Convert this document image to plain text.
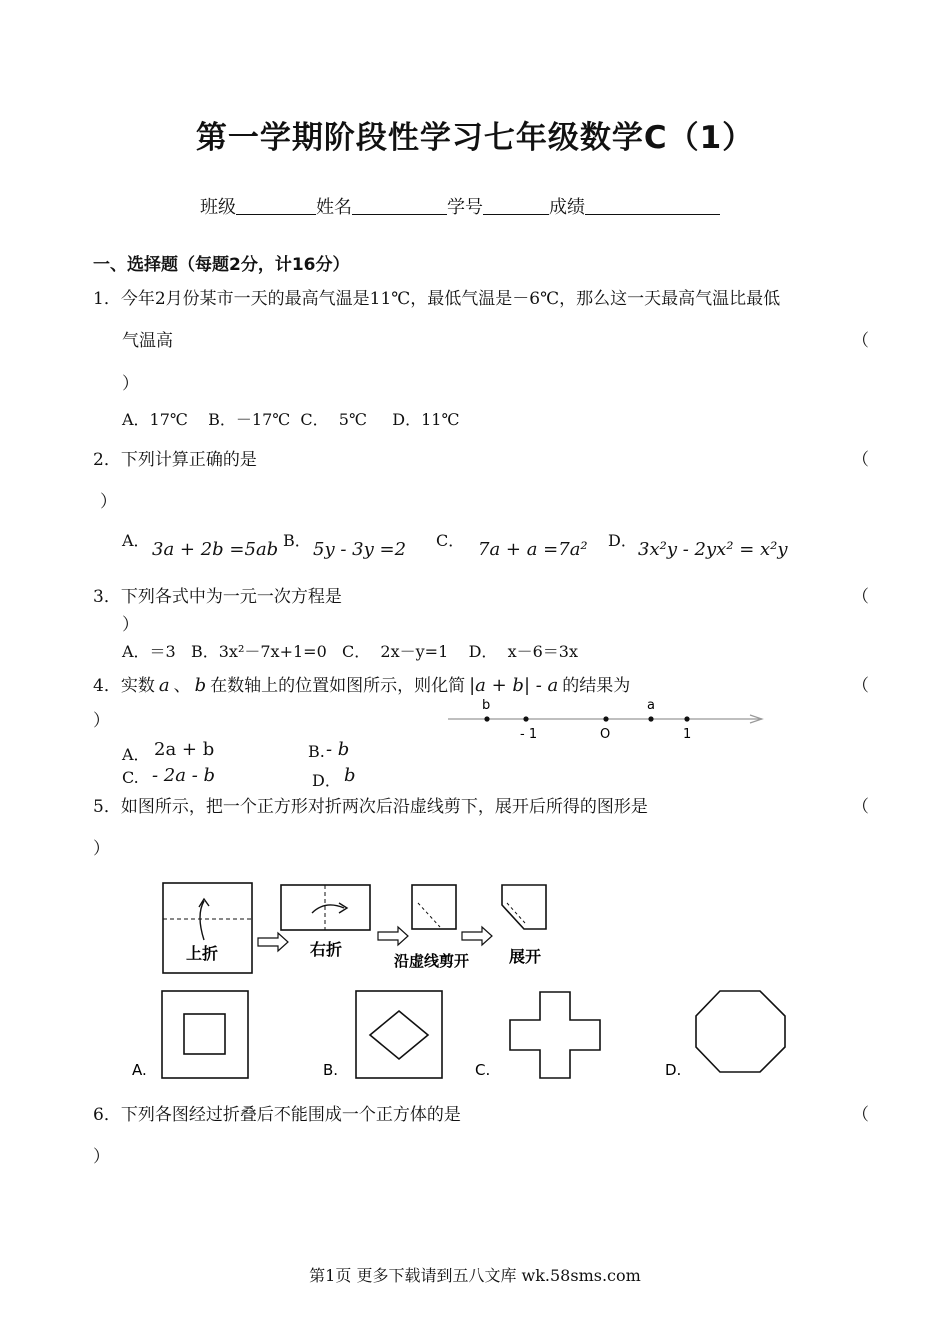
第一学期阶段性学习七年级数学C（1）
班级	姓名	学号	成绩
一、选择题（每题2分，计16分）
1．今年2月份某市一天的最高气温是11℃，最低气温是－6℃，那么这一天最高气温比最低
气温高	（
）
A．17℃    B．－17℃  C．  5℃     D．11℃
2．下列计算正确的是	（
）
A． 3a + 2b =5ab B． 5y - 3y =2 C． 7a + a =7a² D． 3x²y - 2yx² = x²y
3．下列各式中为一元一次方程是	（
）
A．＝3   B．3x²－7x+1=0   C．  2x－y=1    D．  x－6＝3x
4．实数 a 、 b 在数轴上的位置如图所示，则化简 |a + b| - a 的结果为	（
）
b	a
- 1	O	1
A． 2a + b	B. - b
C. - 2a - b	D． b
5．如图所示，把一个正方形对折两次后沿虚线剪下，展开后所得的图形是	（
）
上折	右折
沿虚线剪开 展开
A.	B.	C.	D.
6．下列各图经过折叠后不能围成一个正方体的是	（
）
第1页 更多下载请到五八文库 wk.58sms.com
